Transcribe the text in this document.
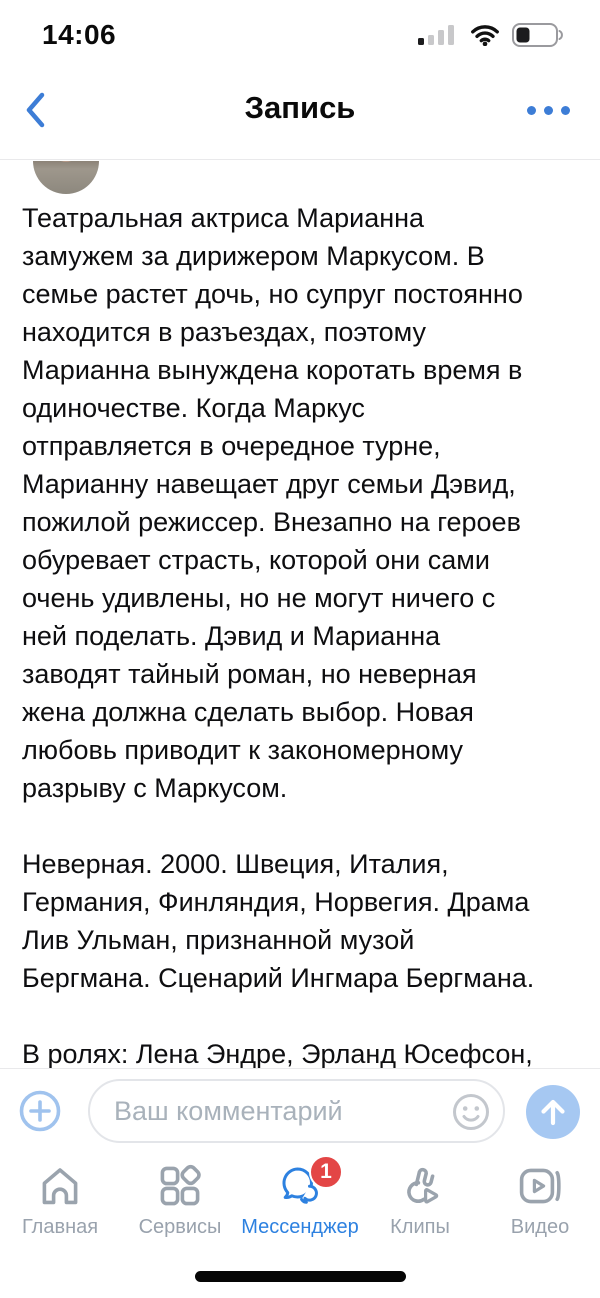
14:06
Запись
Театральная актриса Марианна
замужем за дирижером Маркусом. В
семье растет дочь, но супруг постоянно
находится в разъездах, поэтому
Марианна вынуждена коротать время в
одиночестве. Когда Маркус
отправляется в очередное турне,
Марианну навещает друг семьи Дэвид,
пожилой режиссер. Внезапно на героев
обуревает страсть, которой они сами
очень удивлены, но не могут ничего с
ней поделать. Дэвид и Марианна
заводят тайный роман, но неверная
жена должна сделать выбор. Новая
любовь приводит к закономерному
разрыву с Маркусом.

Неверная. 2000. Швеция, Италия,
Германия, Финляндия, Норвегия. Драма
Лив Ульман, признанной музой
Бергмана. Сценарий Ингмара Бергмана.

В ролях: Лена Эндре, Эрланд Юсефсон,
Ваш комментарий
Главная Сервисы
1
Мессенджер Клипы	Видео
